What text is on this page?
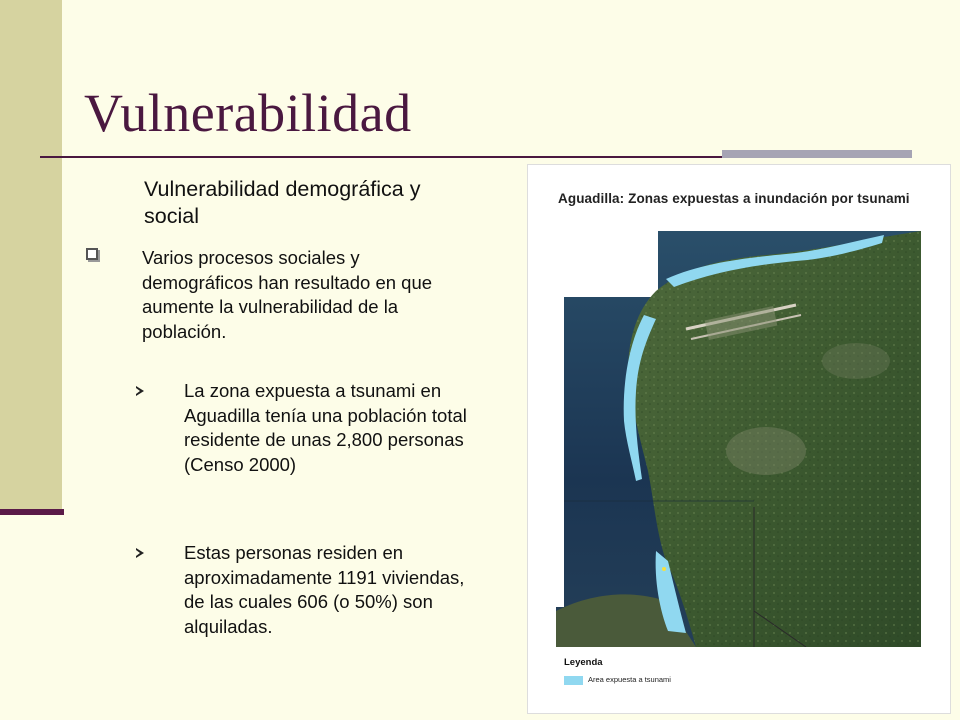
Vulnerabilidad
Vulnerabilidad demográfica y social
Varios procesos sociales y demográficos han resultado en que aumente la vulnerabilidad de la población.
La zona expuesta a tsunami en Aguadilla tenía una población total residente de unas 2,800 personas (Censo 2000)
Estas personas residen en aproximadamente 1191 viviendas, de las cuales 606 (o 50%) son alquiladas.
Aguadilla: Zonas expuestas a inundación por tsunami
Leyenda
Area expuesta a tsunami
